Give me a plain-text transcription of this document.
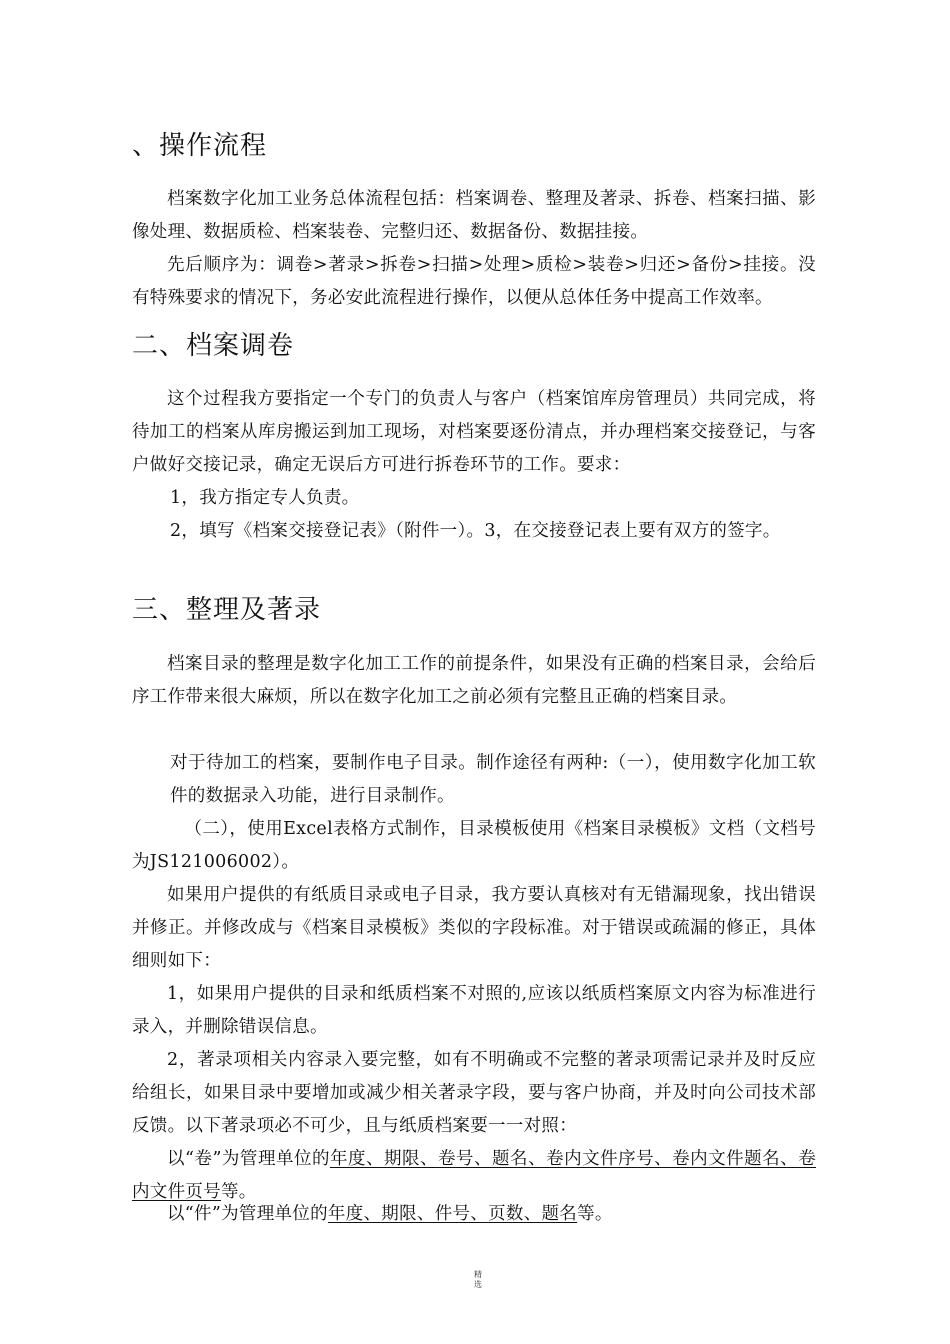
、操作流程

档案数字化加工业务总体流程包括：档案调卷、整理及著录、拆卷、档案扫描、影像处理、数据质检、档案装卷、完整归还、数据备份、数据挂接。

先后顺序为：调卷>著录>拆卷>扫描>处理>质检>装卷>归还>备份>挂接。没有特殊要求的情况下，务必安此流程进行操作，以便从总体任务中提高工作效率。

二、档案调卷

这个过程我方要指定一个专门的负责人与客户（档案馆库房管理员）共同完成，将待加工的档案从库房搬运到加工现场，对档案要逐份清点，并办理档案交接登记，与客户做好交接记录，确定无误后方可进行拆卷环节的工作。要求：

1，我方指定专人负责。

2，填写《档案交接登记表》（附件一）。3，在交接登记表上要有双方的签字。

三、整理及著录

档案目录的整理是数字化加工工作的前提条件，如果没有正确的档案目录，会给后序工作带来很大麻烦，所以在数字化加工之前必须有完整且正确的档案目录。

对于待加工的档案，要制作电子目录。制作途径有两种:（一），使用数字化加工软件的数据录入功能，进行目录制作。

（二），使用Excel表格方式制作，目录模板使用《档案目录模板》文档（文档号为JS121006002）。

如果用户提供的有纸质目录或电子目录，我方要认真核对有无错漏现象，找出错误并修正。并修改成与《档案目录模板》类似的字段标准。对于错误或疏漏的修正，具体细则如下：

1，如果用户提供的目录和纸质档案不对照的,应该以纸质档案原文内容为标准进行录入，并删除错误信息。

2，著录项相关内容录入要完整，如有不明确或不完整的著录项需记录并及时反应给组长，如果目录中要增加或减少相关著录字段，要与客户协商，并及时向公司技术部反馈。以下著录项必不可少，且与纸质档案要一一对照：

以“卷”为管理单位的年度、期限、卷号、题名、卷内文件序号、卷内文件题名、卷内文件页号等。

以“件”为管理单位的年度、期限、件号、页数、题名等。

精
选
